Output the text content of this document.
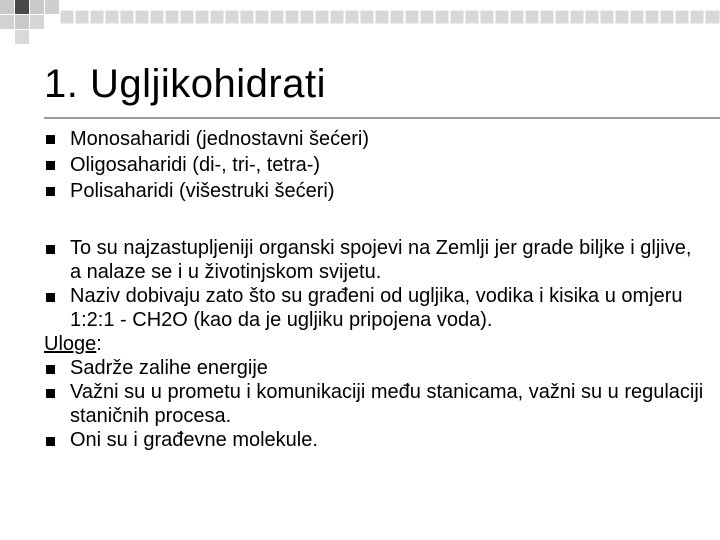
1. Ugljikohidrati
Monosaharidi (jednostavni šećeri)
Oligosaharidi (di-, tri-, tetra-)
Polisaharidi (višestruki šećeri)
To su najzastupljeniji organski spojevi na Zemlji jer grade biljke i gljive, a nalaze se i u životinjskom svijetu.
Naziv dobivaju zato što su građeni od ugljika, vodika i kisika u omjeru 1:2:1 - CH2O (kao da je ugljiku pripojena voda).
Uloge:
Sadrže zalihe energije
Važni su u prometu i komunikaciji među stanicama, važni su u regulaciji staničnih procesa.
Oni su i građevne molekule.
